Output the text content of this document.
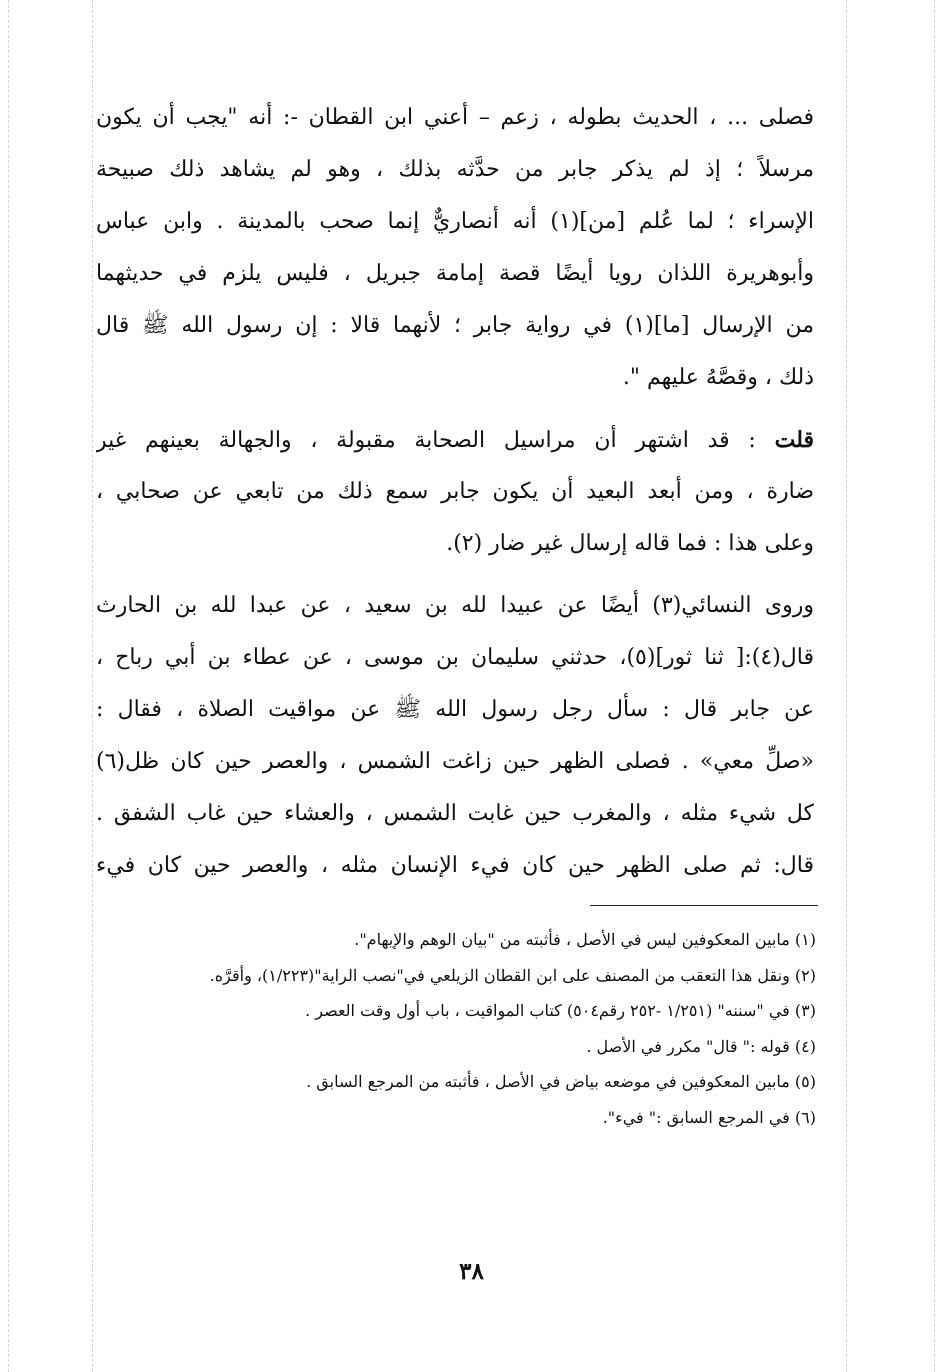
فصلى ... ، الحديث بطوله ، زعم – أعني ابن القطان -: أنه "يجب أن يكون
مرسلاً ؛ إذ لم يذكر جابر من حدَّثه بذلك ، وهو لم يشاهد ذلك صبيحة
الإسراء ؛ لما عُلم [من](١) أنه أنصاريٌّ إنما صحب بالمدينة . وابن عباس
وأبوهريرة اللذان رويا أيضًا قصة إمامة جبريل ، فليس يلزم في حديثهما
من الإرسال [ما](١) في رواية جابر ؛ لأنهما قالا : إن رسول الله ﷺ قال
ذلك ، وقصَّهُ عليهم ".
قلت : قد اشتهر أن مراسيل الصحابة مقبولة ، والجهالة بعينهم غير
ضارة ، ومن أبعد البعيد أن يكون جابر سمع ذلك من تابعي عن صحابي ،
وعلى هذا : فما قاله إرسال غير ضار (٢).
وروى النسائي(٣) أيضًا عن عبيدا لله بن سعيد ، عن عبدا لله بن الحارث
قال(٤):[ ثنا ثور](٥)، حدثني سليمان بن موسى ، عن عطاء بن أبي رباح ،
عن جابر قال : سأل رجل رسول الله ﷺ عن مواقيت الصلاة ، فقال :
«صلِّ معي» . فصلى الظهر حين زاغت الشمس ، والعصر حين كان ظل(٦)
كل شيء مثله ، والمغرب حين غابت الشمس ، والعشاء حين غاب الشفق .
قال: ثم صلى الظهر حين كان فيء الإنسان مثله ، والعصر حين كان فيء
(١) مابين المعكوفين ليس في الأصل ، فأثبته من "بيان الوهم والإيهام".
(٢) ونقل هذا التعقب من المصنف على ابن القطان الزيلعي في"نصب الراية"(١/٢٢٣)، وأقرَّه.
(٣) في "سننه" (١/٢٥١ -٢٥٢ رقم٥٠٤) كتاب المواقيت ، باب أول وقت العصر .
(٤) قوله :" قال" مكرر في الأصل .
(٥) مابين المعكوفين في موضعه بياض في الأصل ، فأثبته من المرجع السابق .
(٦) في المرجع السابق :" فيء".
٣٨
